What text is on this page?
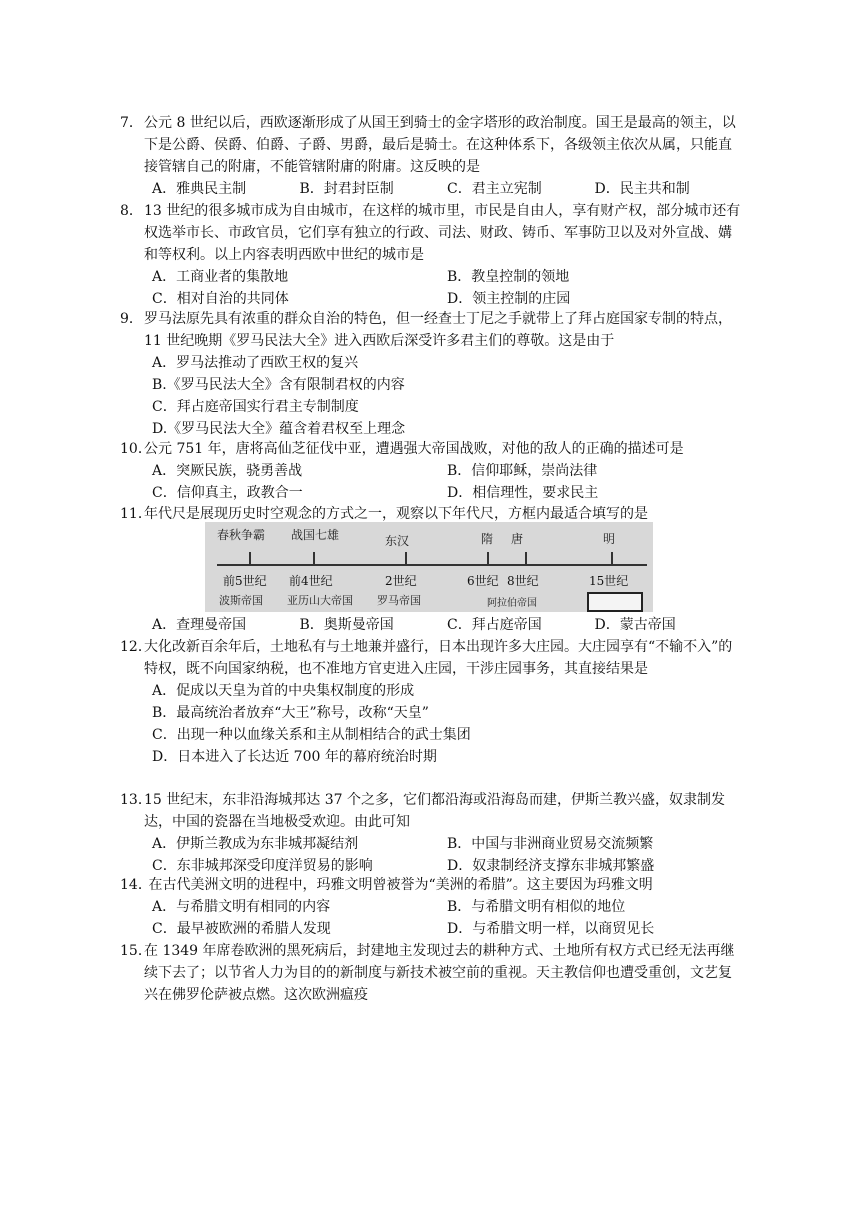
7．公元 8 世纪以后，西欧逐渐形成了从国王到骑士的金字塔形的政治制度。国王是最高的领主，以下是公爵、侯爵、伯爵、子爵、男爵，最后是骑士。在这种体系下，各级领主依次从属，只能直接管辖自己的附庸，不能管辖附庸的附庸。这反映的是

A．雅典民主制	B．封君封臣制	C．君主立宪制	D．民主共和制

8．13 世纪的很多城市成为自由城市，在这样的城市里，市民是自由人，享有财产权，部分城市还有权选举市长、市政官员，它们享有独立的行政、司法、财政、铸币、军事防卫以及对外宣战、媾和等权利。以上内容表明西欧中世纪的城市是

A．工商业者的集散地	B．教皇控制的领地
C．相对自治的共同体	D．领主控制的庄园

9．罗马法原先具有浓重的群众自治的特色，但一经查士丁尼之手就带上了拜占庭国家专制的特点，11 世纪晚期《罗马民法大全》进入西欧后深受许多君主们的尊敬。这是由于

A．罗马法推动了西欧王权的复兴
B.《罗马民法大全》含有限制君权的内容
C．拜占庭帝国实行君主专制制度
D.《罗马民法大全》蕴含着君权至上理念

10．公元 751 年，唐将高仙芝征伐中亚，遭遇强大帝国战败，对他的敌人的正确的描述可是

A．突厥民族，骁勇善战	B．信仰耶稣，崇尚法律
C．信仰真主，政教合一	D．相信理性，要求民主

11．年代尺是展现历史时空观念的方式之一，观察以下年代尺，方框内最适合填写的是

春秋争霸 战国七雄	东汉	隋 唐	明
前5世纪 前4世纪	2世纪	6世纪 8世纪	15世纪
波斯帝国 亚历山大帝国 罗马帝国	阿拉伯帝国
A．查理曼帝国	B．奥斯曼帝国	C．拜占庭帝国	D．蒙古帝国

12．大化改新百余年后，土地私有与土地兼并盛行，日本出现许多大庄园。大庄园享有“不输不入”的特权，既不向国家纳税，也不准地方官吏进入庄园，干涉庄园事务，其直接结果是

A．促成以天皇为首的中央集权制度的形成
B．最高统治者放弃“大王”称号，改称“天皇”
C．出现一种以血缘关系和主从制相结合的武士集团
D．日本进入了长达近 700 年的幕府统治时期

13．15 世纪末，东非沿海城邦达 37 个之多，它们都沿海或沿海岛而建，伊斯兰教兴盛，奴隶制发达，中国的瓷器在当地极受欢迎。由此可知

A．伊斯兰教成为东非城邦凝结剂	B．中国与非洲商业贸易交流频繁
C．东非城邦深受印度洋贸易的影响	D．奴隶制经济支撑东非城邦繁盛

14． 在古代美洲文明的进程中，玛雅文明曾被誉为“美洲的希腊”。这主要因为玛雅文明

A．与希腊文明有相同的内容	B．与希腊文明有相似的地位
C．最早被欧洲的希腊人发现	D．与希腊文明一样，以商贸见长

15．在 1349 年席卷欧洲的黑死病后，封建地主发现过去的耕种方式、土地所有权方式已经无法再继续下去了；以节省人力为目的的新制度与新技术被空前的重视。天主教信仰也遭受重创，文艺复兴在佛罗伦萨被点燃。这次欧洲瘟疫
